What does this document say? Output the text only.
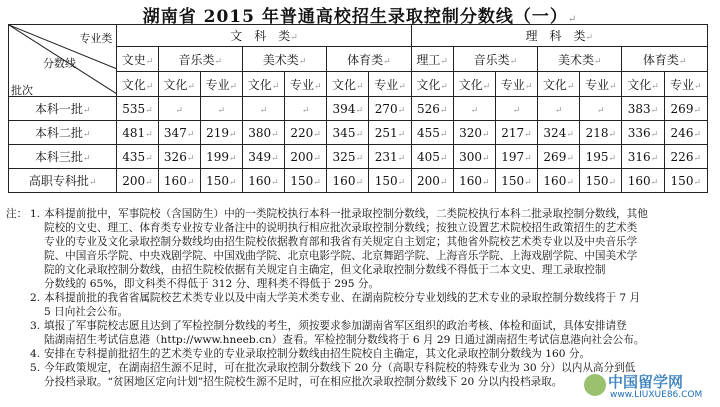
湖南省 2015 年普通高校招生录取控制分数线（一）↵
专业类
分数线
批次	文　科　类 ↵							理　科　类 ↵
	文史 ↵	音乐类 ↵		美术类 ↵		体育类 ↵		理工 ↵	音乐类 ↵		美术类 ↵		体育类 ↵
	文化 ↵	文化 ↵	专业 ↵	文化 ↵	专业 ↵	文化 ↵	专业 ↵	文化 ↵	文化 ↵	专业 ↵	文化 ↵	专业 ↵	文化 ↵	专业 ↵
本科一批 ↵	535 ↵	↵	↵	↵	↵	394 ↵	270 ↵	526 ↵	↵	↵	↵	↵	383 ↵	269 ↵
本科二批 ↵	481 ↵	347 ↵	219 ↵	380 ↵	220 ↵	345 ↵	251 ↵	455 ↵	320 ↵	217 ↵	324 ↵	218 ↵	336 ↵	246 ↵
本科三批 ↵	435 ↵	326 ↵	199 ↵	349 ↵	200 ↵	325 ↵	231 ↵	405 ↵	300 ↵	197 ↵	269 ↵	195 ↵	316 ↵	226 ↵
高职专科批 ↵	200 ↵	160 ↵	150 ↵	160 ↵	150 ↵	160 ↵	150 ↵	200 ↵	160 ↵	150 ↵	160 ↵	150 ↵	160 ↵	150 ↵
注： 1. 本科提前批中，军事院校（含国防生）中的一类院校执行本科一批录取控制分数线，二类院校执行本科二批录取控制分数线，其他
院校的文史、理工、体育类专业按专业备注中的说明执行相应批次录取控制分数线；按独立设置艺术院校招生政策招生的艺术类
专业的专业及文化录取控制分数线均由招生院校依据教育部和我省有关规定自主划定；其他省外院校艺术类专业以及中央音乐学
院、中国音乐学院、中央戏剧学院、中国戏曲学院、北京电影学院、北京舞蹈学院、上海音乐学院、上海戏剧学院、中国美术学
院的文化录取控制分数线，由招生院校依据有关规定自主确定，但文化录取控制分数线不得低于二本文史、理工录取控制
分数线的 65%，即文科类不得低于 312 分、理科类不得低于 295 分。
2. 本科提前批的我省省属院校艺术类专业以及中南大学美术类专业、在湖南院校分专业划线的艺术专业的录取控制分数线将于 7 月
5 日向社会公布。
3. 填报了军事院校志愿且达到了军检控制分数线的考生，须按要求参加湖南省军区组织的政治考核、体检和面试，具体安排请登
陆湖南招生考试信息港（http://www.hneeb.cn）查看。军检控制分数线将于 6 月 29 日通过湖南招生考试信息港向社会公布。
4. 安排在专科提前批招生的艺术类专业的专业录取控制分数线由招生院校自主确定，其文化录取控制分数线为 160 分。
5. 今年政策规定，在湖南招生源不足时，可在批次录取控制分数线下 20 分（高职专科院校的特殊专业为 30 分）以内从高分到低
分投档录取。“贫困地区定向计划”招生院校生源不足时，可在相应批次录取控制分数线下 20 分以内投档录取。	中国留学网
www.LIUXUE86.COM
